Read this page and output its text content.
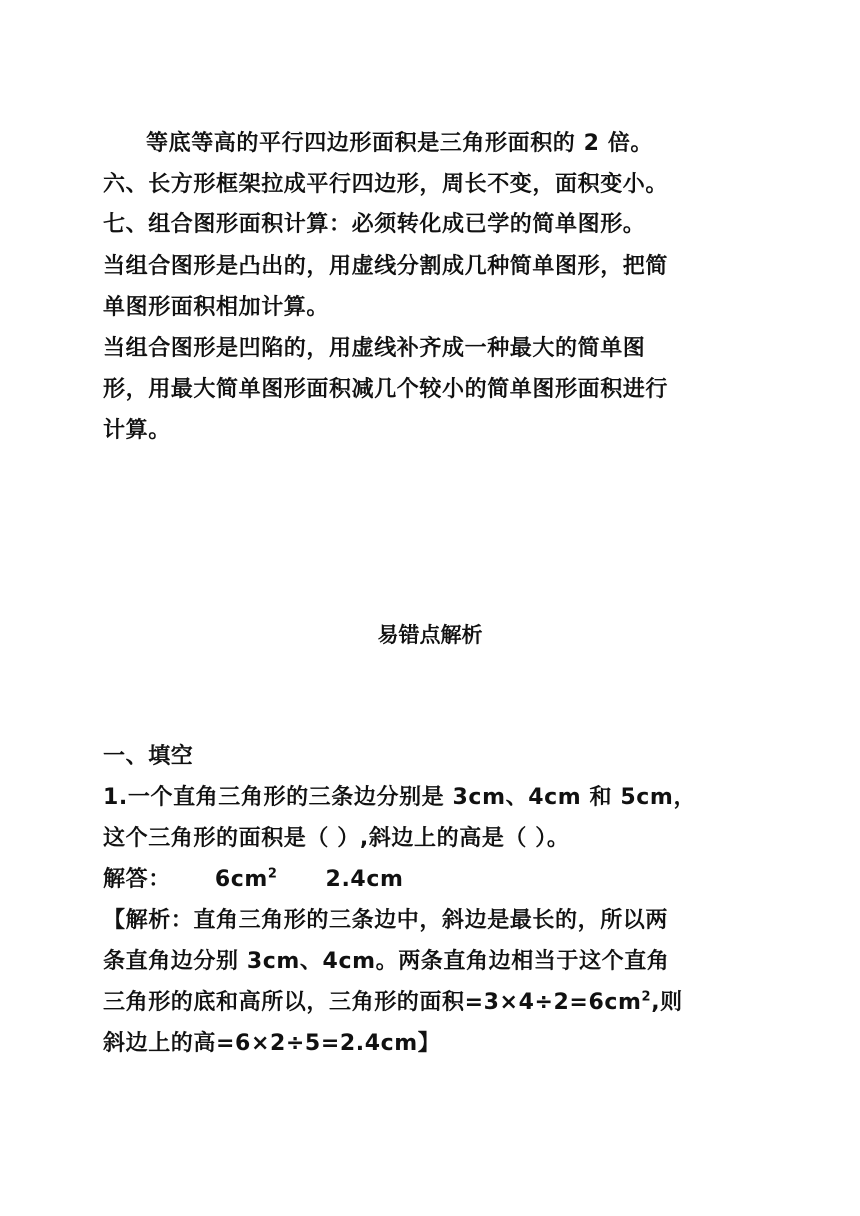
等底等高的平行四边形面积是三角形面积的 2 倍。
六、长方形框架拉成平行四边形，周长不变，面积变小。
七、组合图形面积计算：必须转化成已学的简单图形。
当组合图形是凸出的，用虚线分割成几种简单图形，把简
单图形面积相加计算。
当组合图形是凹陷的，用虚线补齐成一种最大的简单图
形，用最大简单图形面积减几个较小的简单图形面积进行
计算。
易错点解析
一、填空
1.一个直角三角形的三条边分别是 3cm、4cm 和 5cm，
这个三角形的面积是（ ）,斜边上的高是（ ）。
解答： $6cm^2$ 2.4cm
【解析：直角三角形的三条边中，斜边是最长的，所以两
条直角边分别 3cm、4cm。两条直角边相当于这个直角
三角形的底和高所以，三角形的面积$=3\times 4\div 2=6cm^2$,则
斜边上的高=6×2÷5=2.4cm】
